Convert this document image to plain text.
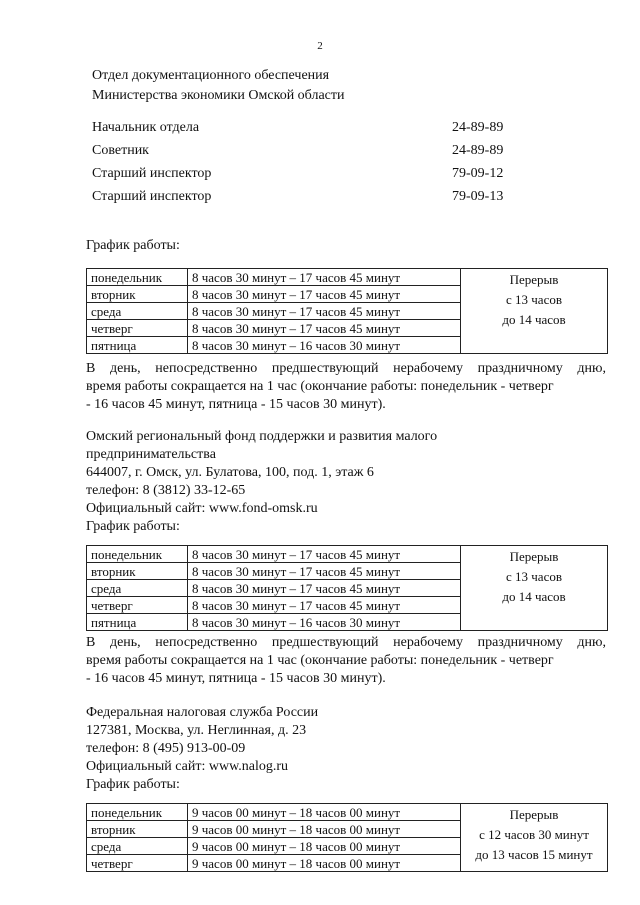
2
Отдел документационного обеспечения
Министерства экономики Омской области
Начальник отдела	24-89-89
Советник	24-89-89
Старший инспектор	79-09-12
Старший инспектор	79-09-13
График работы:
понедельник	8 часов 30 минут – 17 часов 45 минут	Перерыв
с 13 часов
до 14 часов

вторник	8 часов 30 минут – 17 часов 45 минут	
среда	8 часов 30 минут – 17 часов 45 минут	
четверг	8 часов 30 минут – 17 часов 45 минут	
пятница	8 часов 30 минут – 16 часов 30 минут	
В день, непосредственно предшествующий нерабочему праздничному дню,
время работы сокращается на 1 час (окончание работы: понедельник - четверг
- 16 часов 45 минут, пятница - 15 часов 30 минут).
Омский региональный фонд поддержки и развития малого
предпринимательства
644007, г. Омск, ул. Булатова, 100, под. 1, этаж 6
телефон: 8 (3812) 33-12-65
Официальный сайт: www.fond-omsk.ru
График работы:
понедельник	8 часов 30 минут – 17 часов 45 минут	Перерыв
с 13 часов
до 14 часов

вторник	8 часов 30 минут – 17 часов 45 минут	
среда	8 часов 30 минут – 17 часов 45 минут	
четверг	8 часов 30 минут – 17 часов 45 минут	
пятница	8 часов 30 минут – 16 часов 30 минут	
В день, непосредственно предшествующий нерабочему праздничному дню,
время работы сокращается на 1 час (окончание работы: понедельник - четверг
- 16 часов 45 минут, пятница - 15 часов 30 минут).
Федеральная налоговая служба России
127381, Москва, ул. Неглинная, д. 23
телефон: 8 (495) 913-00-09
Официальный сайт: www.nalog.ru
График работы:
понедельник	9 часов 00 минут – 18 часов 00 минут	Перерыв
с 12 часов 30 минут
до 13 часов 15 минут

вторник	9 часов 00 минут – 18 часов 00 минут	
среда	9 часов 00 минут – 18 часов 00 минут	
четверг	9 часов 00 минут – 18 часов 00 минут	
